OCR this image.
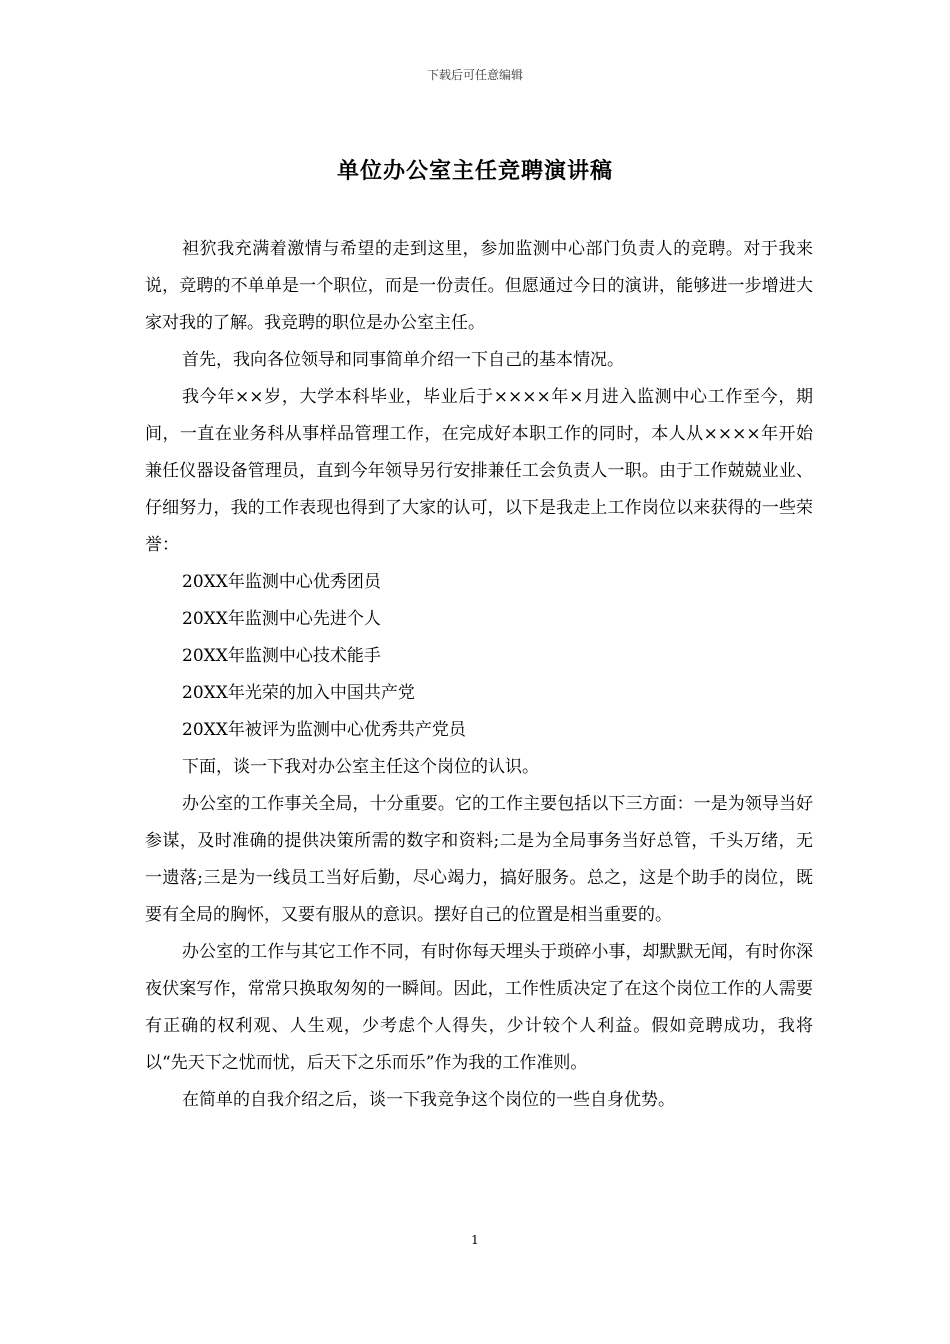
下载后可任意编辑
单位办公室主任竞聘演讲稿

袒狖我充满着激情与希望的走到这里，参加监测中心部门负责人的竞聘。对于我来说，竞聘的不单单是一个职位，而是一份责任。但愿通过今日的演讲，能够进一步增进大家对我的了解。我竞聘的职位是办公室主任。

首先，我向各位领导和同事简单介绍一下自己的基本情况。

我今年××岁，大学本科毕业，毕业后于××××年×月进入监测中心工作至今，期间，一直在业务科从事样品管理工作，在完成好本职工作的同时，本人从××××年开始兼任仪器设备管理员，直到今年领导另行安排兼任工会负责人一职。由于工作兢兢业业、仔细努力，我的工作表现也得到了大家的认可，以下是我走上工作岗位以来获得的一些荣誉：

20XX年监测中心优秀团员

20XX年监测中心先进个人

20XX年监测中心技术能手

20XX年光荣的加入中国共产党

20XX年被评为监测中心优秀共产党员

下面，谈一下我对办公室主任这个岗位的认识。

办公室的工作事关全局，十分重要。它的工作主要包括以下三方面：一是为领导当好参谋，及时准确的提供决策所需的数字和资料;二是为全局事务当好总管，千头万绪，无一遗落;三是为一线员工当好后勤，尽心竭力，搞好服务。总之，这是个助手的岗位，既要有全局的胸怀，又要有服从的意识。摆好自己的位置是相当重要的。

办公室的工作与其它工作不同，有时你每天埋头于琐碎小事，却默默无闻，有时你深夜伏案写作，常常只换取匆匆的一瞬间。因此，工作性质决定了在这个岗位工作的人需要有正确的权利观、人生观，少考虑个人得失，少计较个人利益。假如竞聘成功，我将以“先天下之忧而忧，后天下之乐而乐”作为我的工作准则。

在简单的自我介绍之后，谈一下我竞争这个岗位的一些自身优势。

1
